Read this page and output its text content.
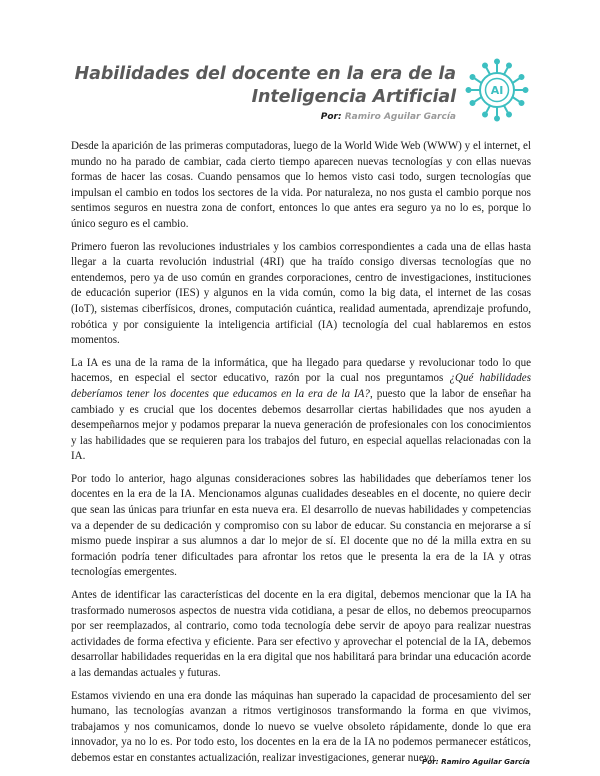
Habilidades del docente en la era de la
Inteligencia Artificial
Por: Ramiro Aguilar García
AI

Desde la aparición de las primeras computadoras, luego de la World Wide Web (WWW) y el internet, el mundo no ha parado de cambiar, cada cierto tiempo aparecen nuevas tecnologías y con ellas nuevas formas de hacer las cosas. Cuando pensamos que lo hemos visto casi todo, surgen tecnologías que impulsan el cambio en todos los sectores de la vida. Por naturaleza, no nos gusta el cambio porque nos sentimos seguros en nuestra zona de confort, entonces lo que antes era seguro ya no lo es, porque lo único seguro es el cambio.

Primero fueron las revoluciones industriales y los cambios correspondientes a cada una de ellas hasta llegar a la cuarta revolución industrial (4RI) que ha traído consigo diversas tecnologías que no entendemos, pero ya de uso común en grandes corporaciones, centro de investigaciones, instituciones de educación superior (IES) y algunos en la vida común, como la big data, el internet de las cosas (IoT), sistemas ciberfísicos, drones, computación cuántica, realidad aumentada, aprendizaje profundo, robótica y por consiguiente la inteligencia artificial (IA) tecnología del cual hablaremos en estos momentos.

La IA es una de la rama de la informática, que ha llegado para quedarse y revolucionar todo lo que hacemos, en especial el sector educativo, razón por la cual nos preguntamos ¿Qué habilidades deberíamos tener los docentes que educamos en la era de la IA?, puesto que la labor de enseñar ha cambiado y es crucial que los docentes debemos desarrollar ciertas habilidades que nos ayuden a desempeñarnos mejor y podamos preparar la nueva generación de profesionales con los conocimientos y las habilidades que se requieren para los trabajos del futuro, en especial aquellas relacionadas con la IA.

Por todo lo anterior, hago algunas consideraciones sobres las habilidades que deberíamos tener los docentes en la era de la IA. Mencionamos algunas cualidades deseables en el docente, no quiere decir que sean las únicas para triunfar en esta nueva era. El desarrollo de nuevas habilidades y competencias va a depender de su dedicación y compromiso con su labor de educar. Su constancia en mejorarse a sí mismo puede inspirar a sus alumnos a dar lo mejor de sí. El docente que no dé la milla extra en su formación podría tener dificultades para afrontar los retos que le presenta la era de la IA y otras tecnologías emergentes.

Antes de identificar las características del docente en la era digital, debemos mencionar que la IA ha trasformado numerosos aspectos de nuestra vida cotidiana, a pesar de ellos, no debemos preocuparnos por ser reemplazados, al contrario, como toda tecnología debe servir de apoyo para realizar nuestras actividades de forma efectiva y eficiente. Para ser efectivo y aprovechar el potencial de la IA, debemos desarrollar habilidades requeridas en la era digital que nos habilitará para brindar una educación acorde a las demandas actuales y futuras.

Estamos viviendo en una era donde las máquinas han superado la capacidad de procesamiento del ser humano, las tecnologías avanzan a ritmos vertiginosos transformando la forma en que vivimos, trabajamos y nos comunicamos, donde lo nuevo se vuelve obsoleto rápidamente, donde lo que era innovador, ya no lo es. Por todo esto, los docentes en la era de la IA no podemos permanecer estáticos, debemos estar en constantes actualización, realizar investigaciones, generar nuevo

Por: Ramiro Aguilar García
